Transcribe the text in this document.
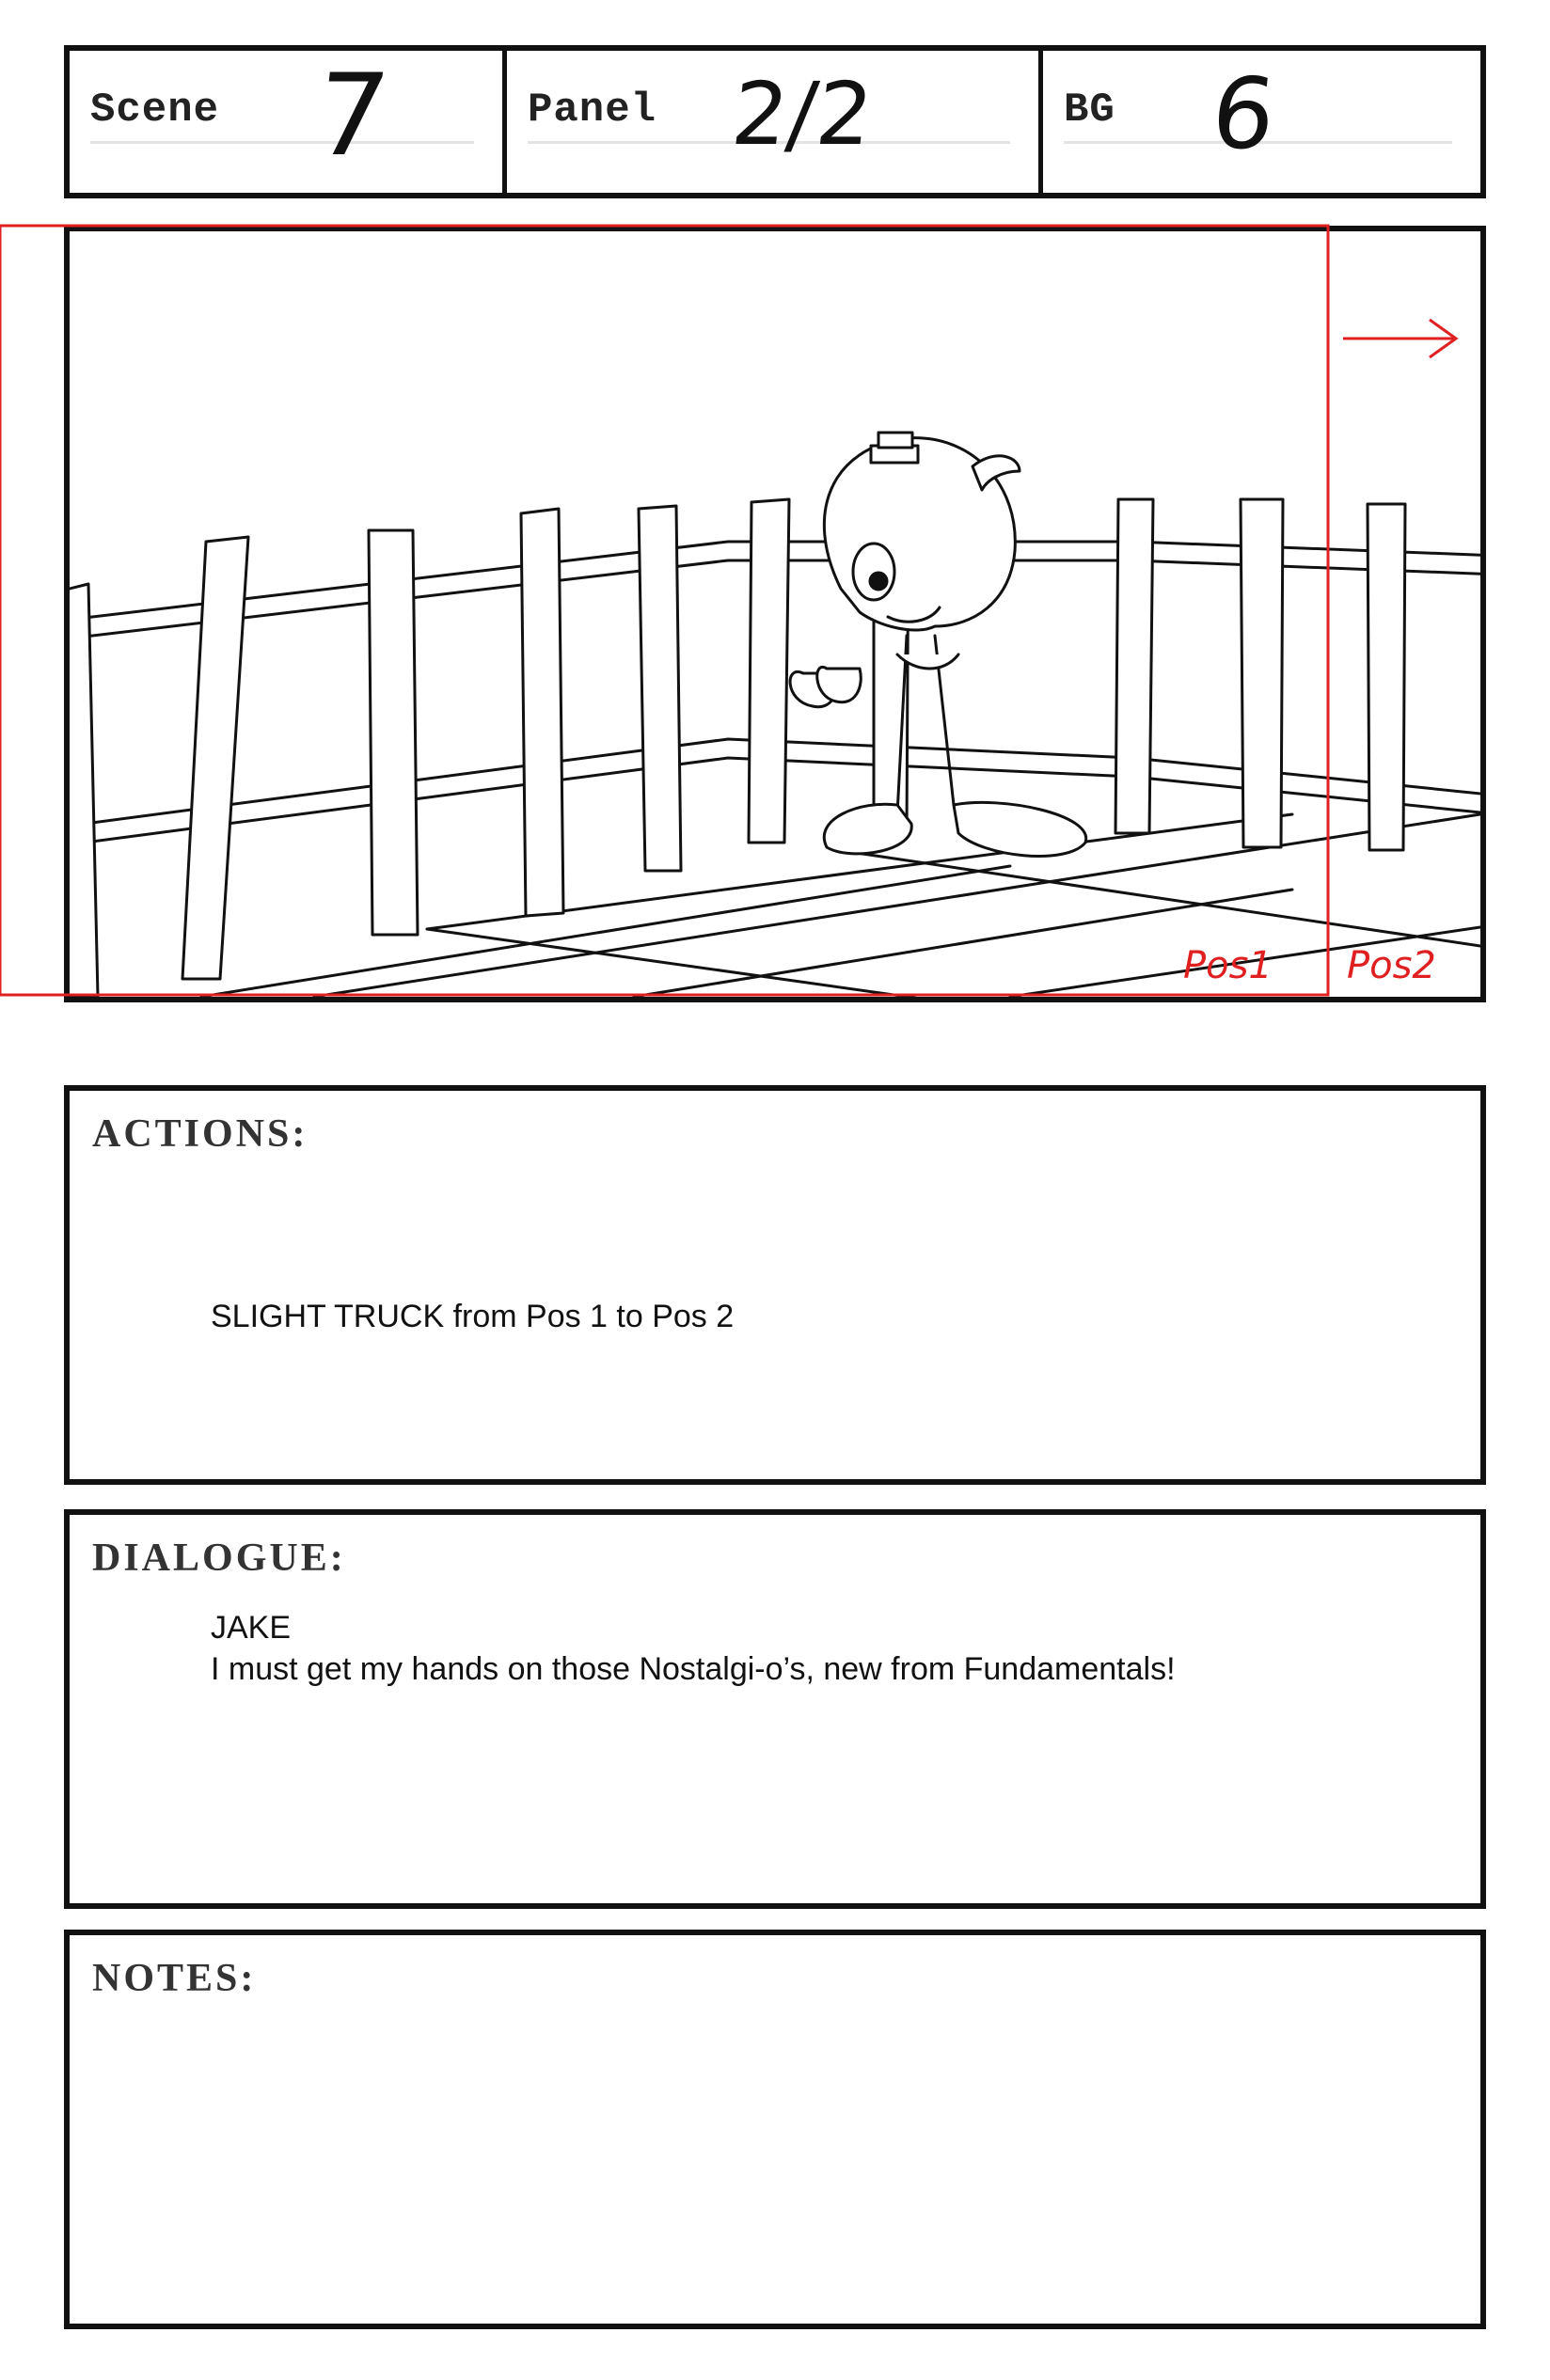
Scene 7	Panel 2/2	BG 6
Pos1 Pos2
ACTIONS:
SLIGHT TRUCK from Pos 1 to Pos 2
DIALOGUE:
JAKE
I must get my hands on those Nostalgi-o’s, new from Fundamentals!
NOTES:
